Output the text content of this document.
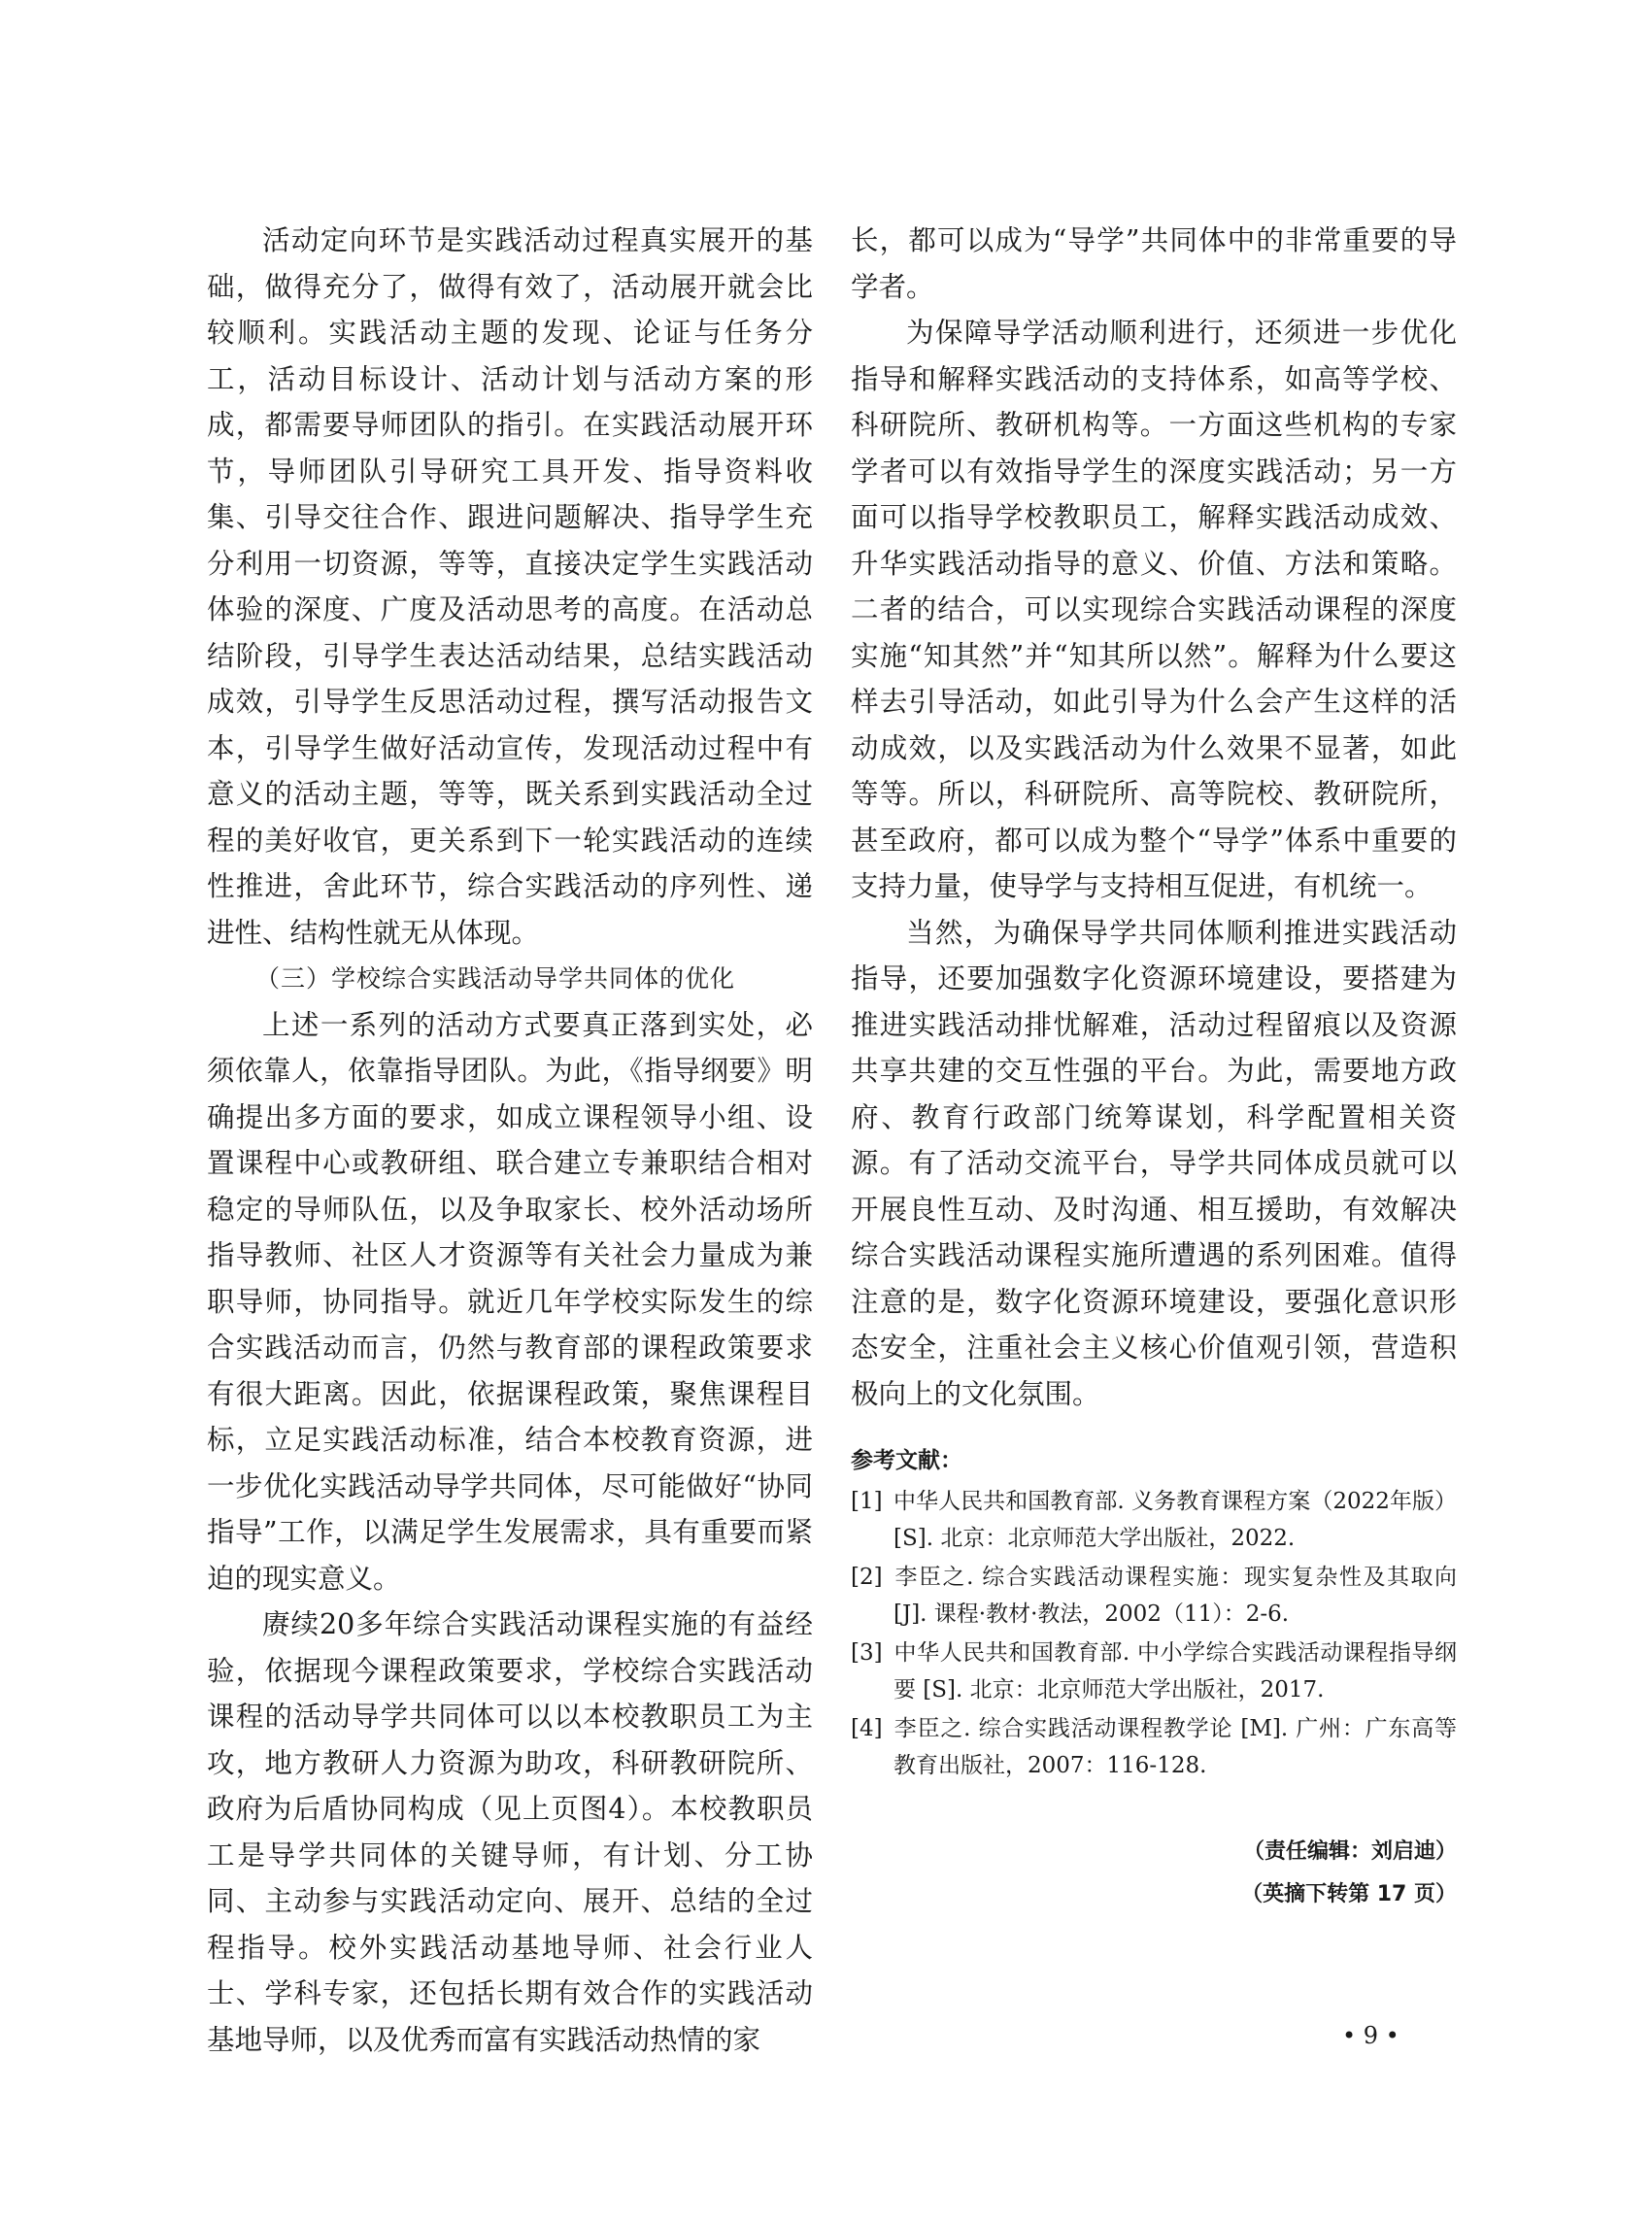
活动定向环节是实践活动过程真实展开的基础，做得充分了，做得有效了，活动展开就会比较顺利。实践活动主题的发现、论证与任务分工，活动目标设计、活动计划与活动方案的形成，都需要导师团队的指引。在实践活动展开环节，导师团队引导研究工具开发、指导资料收集、引导交往合作、跟进问题解决、指导学生充分利用一切资源，等等，直接决定学生实践活动体验的深度、广度及活动思考的高度。在活动总结阶段，引导学生表达活动结果，总结实践活动成效，引导学生反思活动过程，撰写活动报告文本，引导学生做好活动宣传，发现活动过程中有意义的活动主题，等等，既关系到实践活动全过程的美好收官，更关系到下一轮实践活动的连续性推进，舍此环节，综合实践活动的序列性、递进性、结构性就无从体现。

（三）学校综合实践活动导学共同体的优化

上述一系列的活动方式要真正落到实处，必须依靠人，依靠指导团队。为此，《指导纲要》明确提出多方面的要求，如成立课程领导小组、设置课程中心或教研组、联合建立专兼职结合相对稳定的导师队伍，以及争取家长、校外活动场所指导教师、社区人才资源等有关社会力量成为兼职导师，协同指导。就近几年学校实际发生的综合实践活动而言，仍然与教育部的课程政策要求有很大距离。因此，依据课程政策，聚焦课程目标，立足实践活动标准，结合本校教育资源，进一步优化实践活动导学共同体，尽可能做好“协同指导”工作，以满足学生发展需求，具有重要而紧迫的现实意义。

赓续20多年综合实践活动课程实施的有益经验，依据现今课程政策要求，学校综合实践活动课程的活动导学共同体可以以本校教职员工为主攻，地方教研人力资源为助攻，科研教研院所、政府为后盾协同构成（见上页图4）。本校教职员工是导学共同体的关键导师，有计划、分工协同、主动参与实践活动定向、展开、总结的全过程指导。校外实践活动基地导师、社会行业人士、学科专家，还包括长期有效合作的实践活动基地导师，以及优秀而富有实践活动热情的家

长，都可以成为“导学”共同体中的非常重要的导学者。

为保障导学活动顺利进行，还须进一步优化指导和解释实践活动的支持体系，如高等学校、科研院所、教研机构等。一方面这些机构的专家学者可以有效指导学生的深度实践活动；另一方面可以指导学校教职员工，解释实践活动成效、升华实践活动指导的意义、价值、方法和策略。二者的结合，可以实现综合实践活动课程的深度实施“知其然”并“知其所以然”。解释为什么要这样去引导活动，如此引导为什么会产生这样的活动成效，以及实践活动为什么效果不显著，如此等等。所以，科研院所、高等院校、教研院所，甚至政府，都可以成为整个“导学”体系中重要的支持力量，使导学与支持相互促进，有机统一。

当然，为确保导学共同体顺利推进实践活动指导，还要加强数字化资源环境建设，要搭建为推进实践活动排忧解难，活动过程留痕以及资源共享共建的交互性强的平台。为此，需要地方政府、教育行政部门统筹谋划，科学配置相关资源。有了活动交流平台，导学共同体成员就可以开展良性互动、及时沟通、相互援助，有效解决综合实践活动课程实施所遭遇的系列困难。值得注意的是，数字化资源环境建设，要强化意识形态安全，注重社会主义核心价值观引领，营造积极向上的文化氛围。

参考文献：

[1] 中华人民共和国教育部. 义务教育课程方案（2022年版）[S]. 北京：北京师范大学出版社，2022.

[2] 李臣之. 综合实践活动课程实施：现实复杂性及其取向 [J]. 课程·教材·教法，2002（11）：2-6.

[3] 中华人民共和国教育部. 中小学综合实践活动课程指导纲要 [S]. 北京：北京师范大学出版社，2017.

[4] 李臣之. 综合实践活动课程教学论 [M]. 广州：广东高等教育出版社，2007：116-128.

（责任编辑：刘启迪）

（英摘下转第 17 页）

• 9 •
